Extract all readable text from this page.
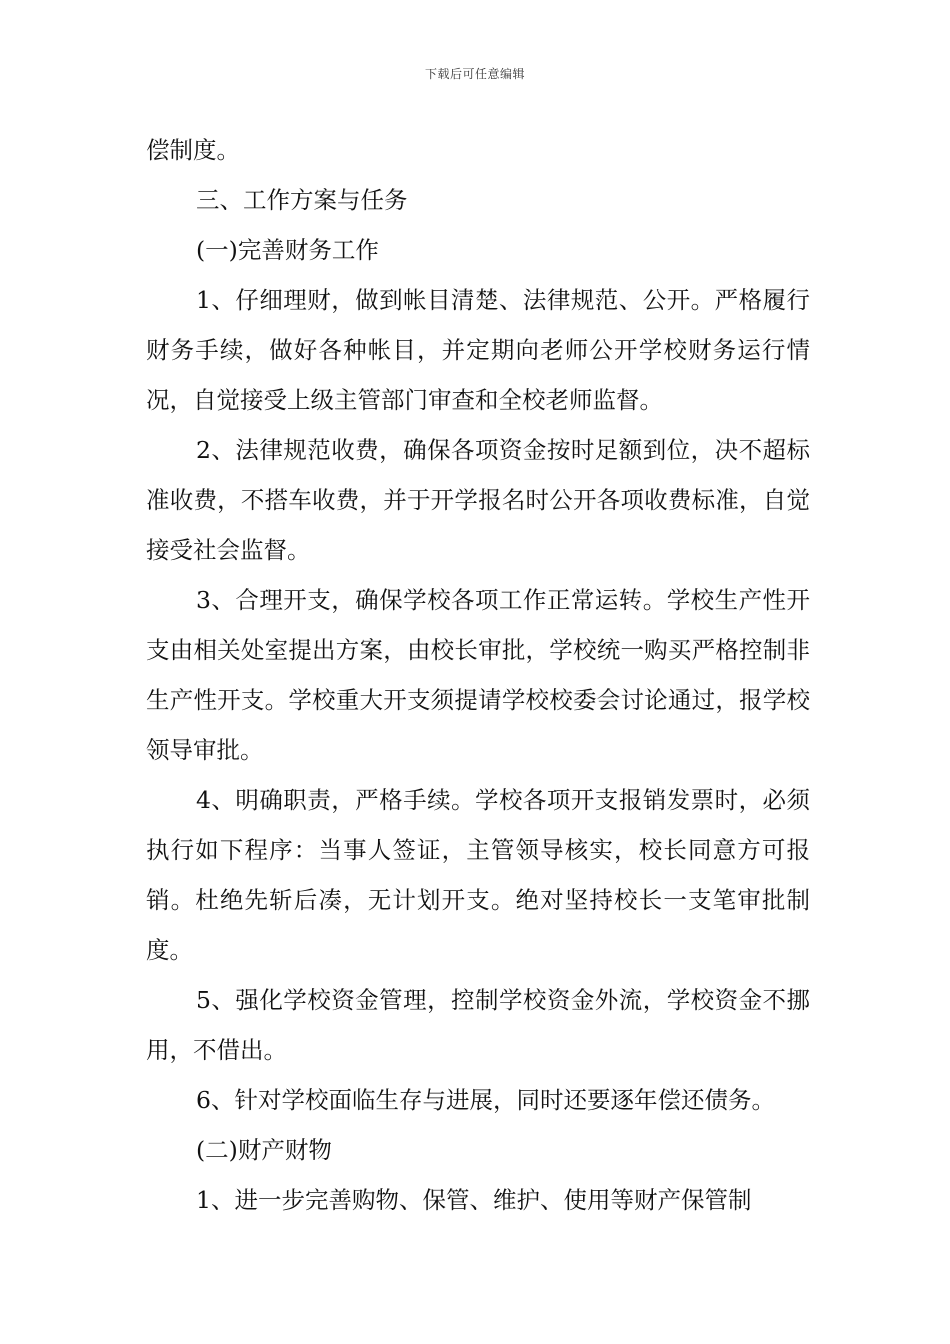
下载后可任意编辑

偿制度。

三、工作方案与任务

(一)完善财务工作

1、仔细理财，做到帐目清楚、法律规范、公开。严格履行财务手续，做好各种帐目，并定期向老师公开学校财务运行情况，自觉接受上级主管部门审查和全校老师监督。

2、法律规范收费，确保各项资金按时足额到位，决不超标准收费，不搭车收费，并于开学报名时公开各项收费标准，自觉接受社会监督。

3、合理开支，确保学校各项工作正常运转。学校生产性开支由相关处室提出方案，由校长审批，学校统一购买严格控制非生产性开支。学校重大开支须提请学校校委会讨论通过，报学校领导审批。

4、明确职责，严格手续。学校各项开支报销发票时，必须执行如下程序：当事人签证，主管领导核实，校长同意方可报销。杜绝先斩后凑，无计划开支。绝对坚持校长一支笔审批制度。

5、强化学校资金管理，控制学校资金外流，学校资金不挪用，不借出。

6、针对学校面临生存与进展，同时还要逐年偿还债务。

(二)财产财物

1、进一步完善购物、保管、维护、使用等财产保管制
